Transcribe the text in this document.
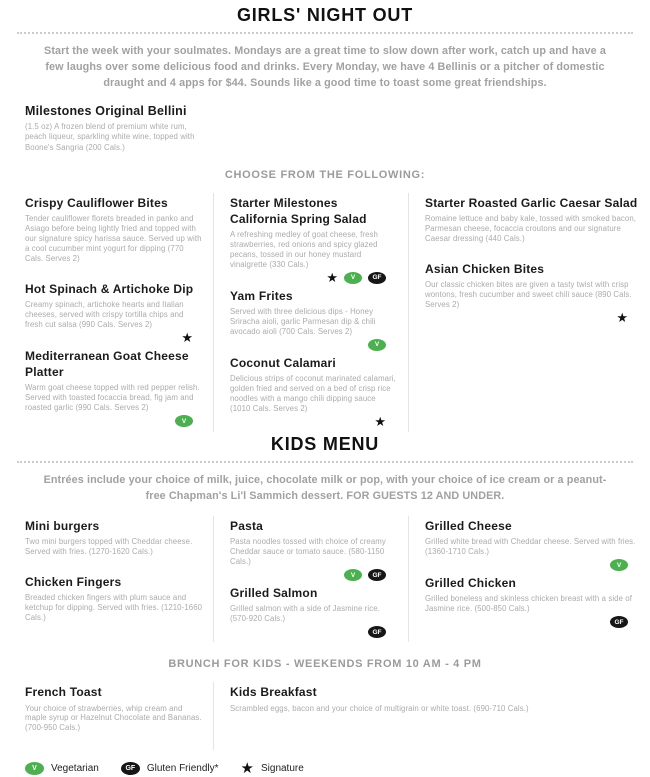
GIRLS' NIGHT OUT

Start the week with your soulmates. Mondays are a great time to slow down after work, catch up and have a few laughs over some delicious food and drinks. Every Monday, we have 4 Bellinis or a pitcher of domestic draught and 4 apps for $44. Sounds like a good time to toast some great friendships.

Milestones Original Bellini

(1.5 oz) A frozen blend of premium white rum, peach liqueur, sparkling white wine, topped with Boone's Sangria (200 Cals.)

CHOOSE FROM THE FOLLOWING:
Crispy Cauliflower Bites

Tender cauliflower florets breaded in panko and Asiago before being lightly fried and topped with our signature spicy harissa sauce. Served up with a cool cucumber mint yogurt for dipping (770 Cals. Serves 2)

Hot Spinach & Artichoke Dip

Creamy spinach, artichoke hearts and Italian cheeses, served with crispy tortilla chips and fresh cut salsa (990 Cals. Serves 2)

★
Mediterranean Goat Cheese Platter

Warm goat cheese topped with red pepper relish. Served with toasted focaccia bread, fig jam and roasted garlic (990 Cals. Serves 2)

V
Starter Milestones California Spring Salad

A refreshing medley of goat cheese, fresh strawberries, red onions and spicy glazed pecans, tossed in our honey mustard vinaigrette (330 Cals.)

★	V	GF
Yam Frites

Served with three delicious dips - Honey Sriracha aioli, garlic Parmesan dip & chili avocado aioli (700 Cals. Serves 2)

V
Coconut Calamari

Delicious strips of coconut marinated calamari, golden fried and served on a bed of crisp rice noodles with a mango chili dipping sauce (1010 Cals. Serves 2)

★
Starter Roasted Garlic Caesar Salad

Romaine lettuce and baby kale, tossed with smoked bacon, Parmesan cheese, focaccia croutons and our signature Caesar dressing (440 Cals.)

Asian Chicken Bites

Our classic chicken bites are given a tasty twist with crisp wontons, fresh cucumber and sweet chili sauce (890 Cals. Serves 2)

★
KIDS MENU

Entrées include your choice of milk, juice, chocolate milk or pop, with your choice of ice cream or a peanut-free Chapman's Li'l Sammich dessert. FOR GUESTS 12 AND UNDER.

Mini burgers

Two mini burgers topped with Cheddar cheese. Served with fries. (1270-1620 Cals.)

Chicken Fingers

Breaded chicken fingers with plum sauce and ketchup for dipping. Served with fries. (1210-1660 Cals.)

Pasta

Pasta noodles tossed with choice of creamy Cheddar sauce or tomato sauce. (580-1150 Cals.)

V	GF
Grilled Salmon

Grilled salmon with a side of Jasmine rice. (570-920 Cals.)

GF
Grilled Cheese

Grilled white bread with Cheddar cheese. Served with fries. (1360-1710 Cals.)

V
Grilled Chicken

Grilled boneless and skinless chicken breast with a side of Jasmine rice. (500-850 Cals.)

GF
BRUNCH FOR KIDS - WEEKENDS FROM 10 AM - 4 PM
French Toast

Your choice of strawberries, whip cream and maple syrup or Hazelnut Chocolate and Bananas. (700-950 Cals.)

Kids Breakfast

Scrambled eggs, bacon and your choice of multigrain or white toast. (690-710 Cals.)

V	Vegetarian	GF	Gluten Friendly* ★ Signature
